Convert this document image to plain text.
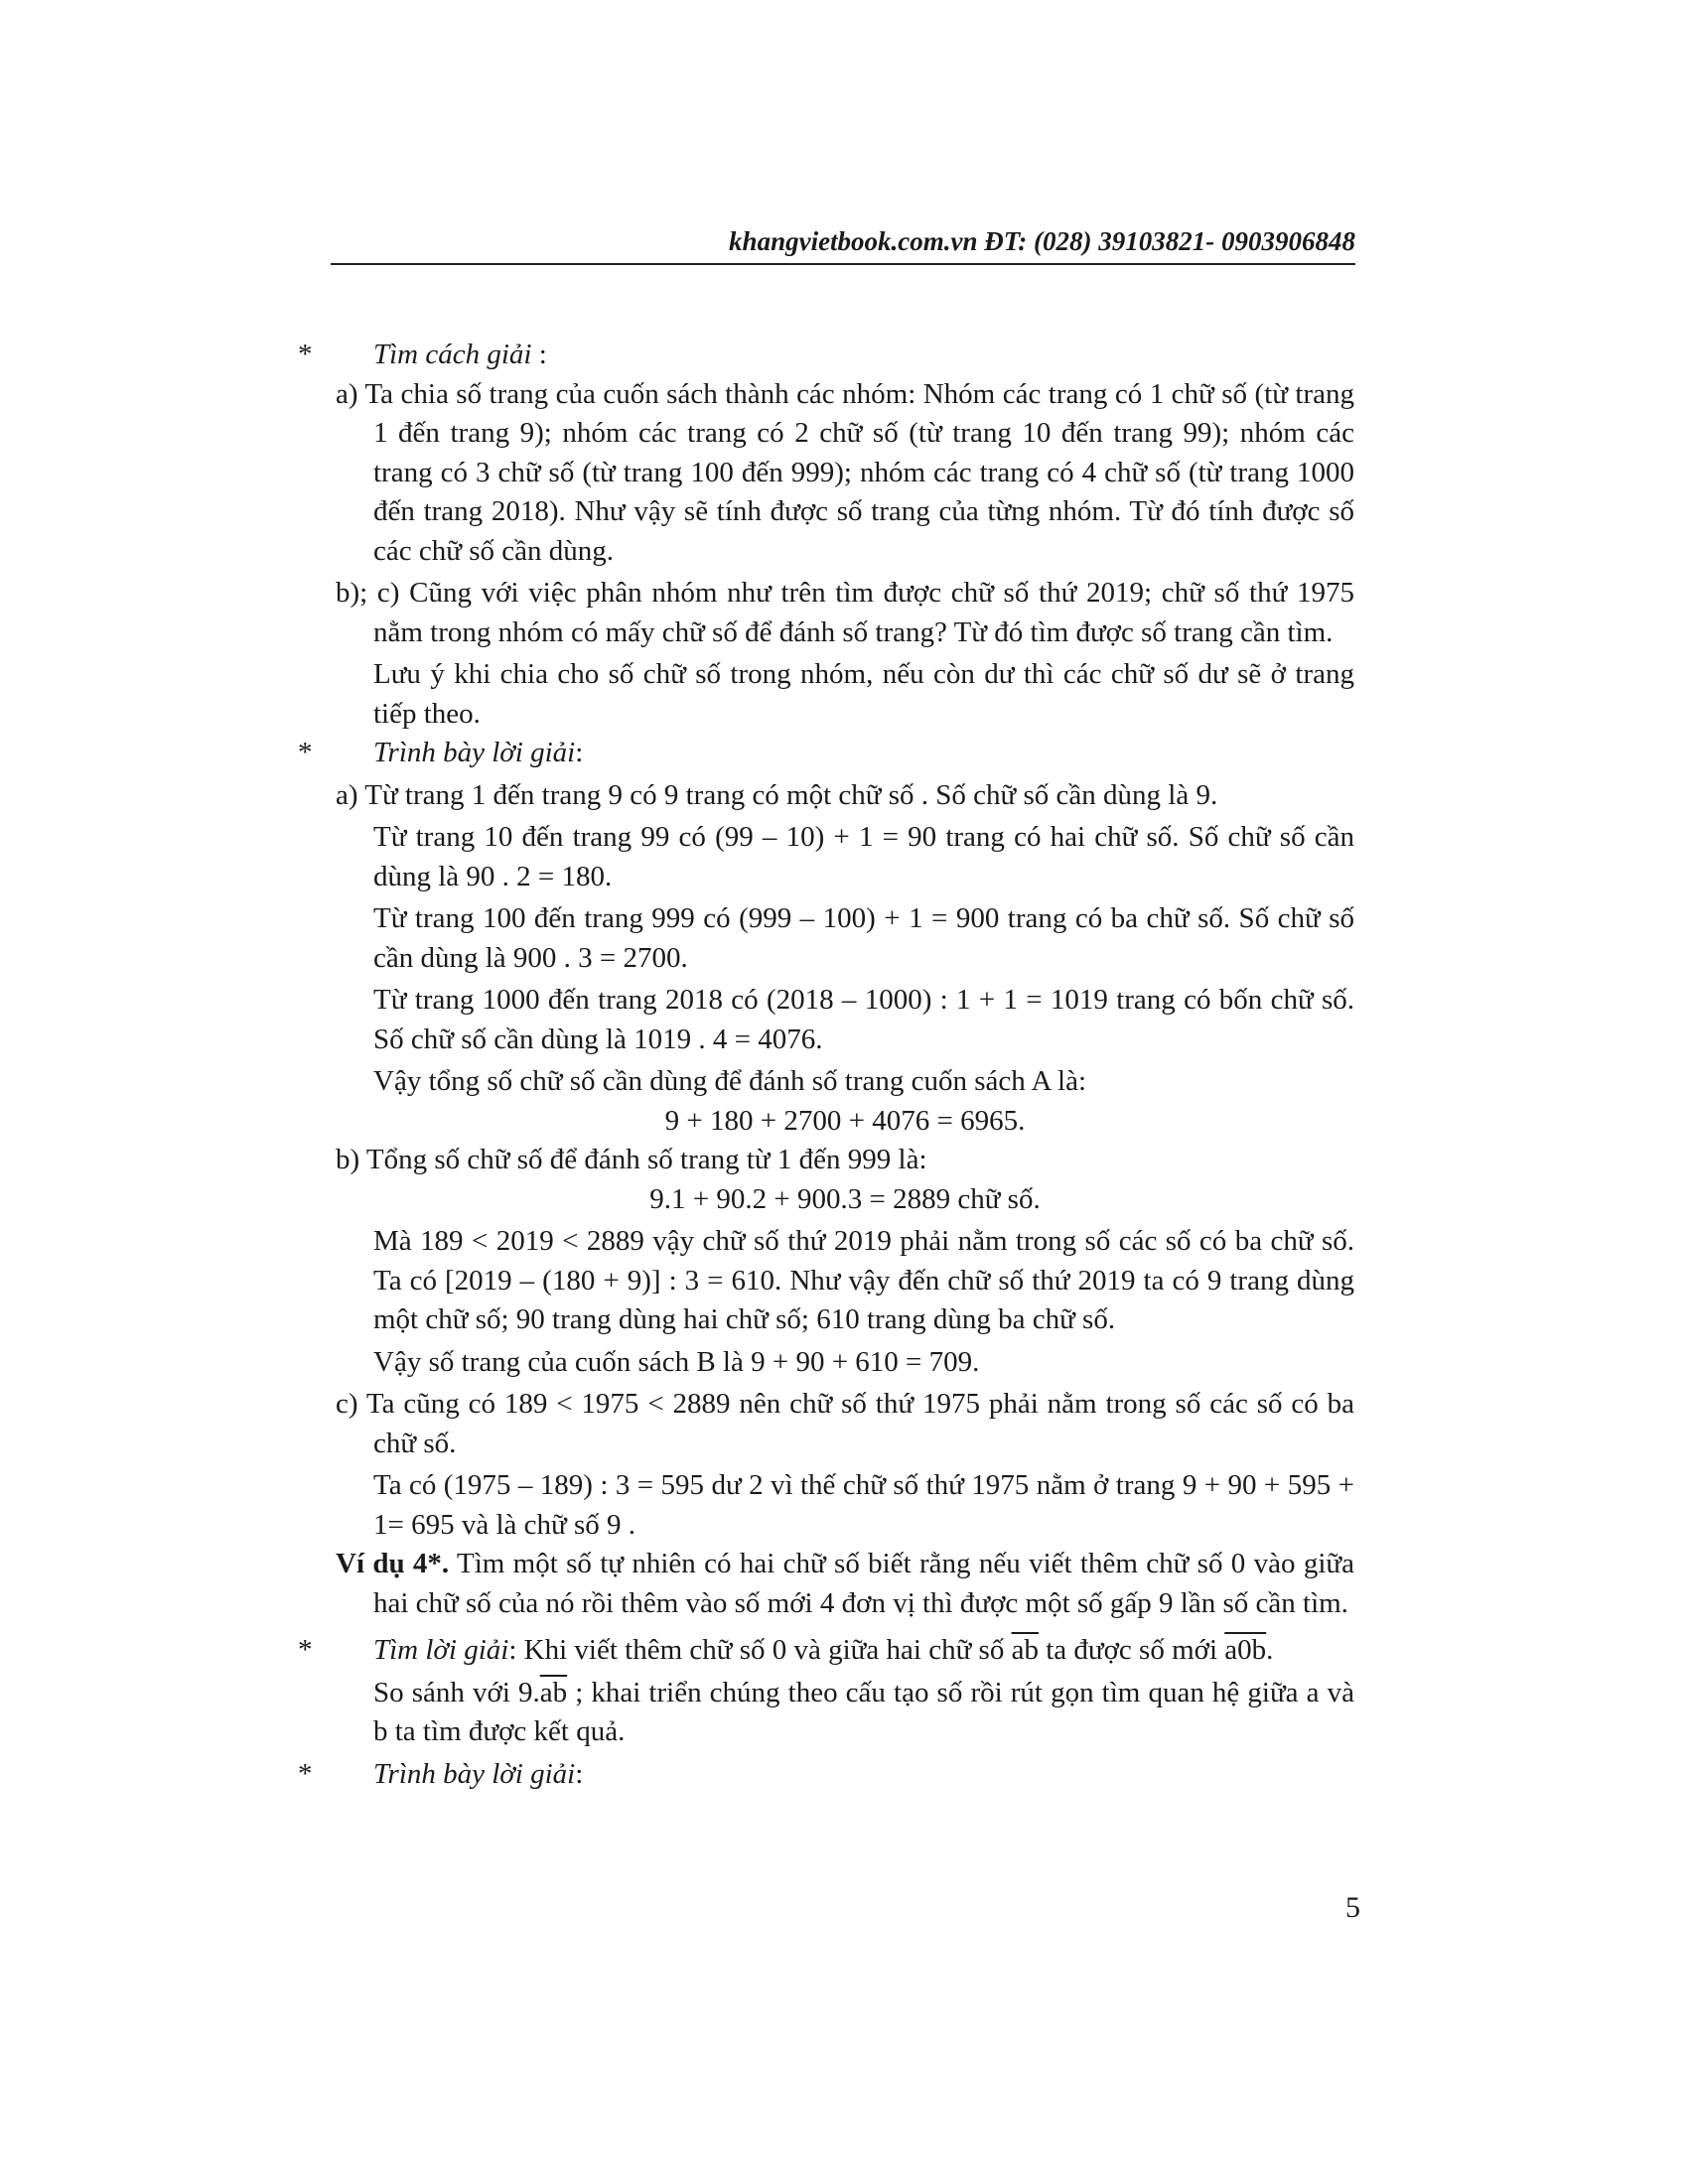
khangvietbook.com.vn ĐT: (028) 39103821- 0903906848

* Tìm cách giải :

a) Ta chia số trang của cuốn sách thành các nhóm: Nhóm các trang có 1 chữ số (từ trang 1 đến trang 9); nhóm các trang có 2 chữ số (từ trang 10 đến trang 99); nhóm các trang có 3 chữ số (từ trang 100 đến 999); nhóm các trang có 4 chữ số (từ trang 1000 đến trang 2018). Như vậy sẽ tính được số trang của từng nhóm. Từ đó tính được số các chữ số cần dùng.

b); c) Cũng với việc phân nhóm như trên tìm được chữ số thứ 2019; chữ số thứ 1975 nằm trong nhóm có mấy chữ số để đánh số trang? Từ đó tìm được số trang cần tìm.

Lưu ý khi chia cho số chữ số trong nhóm, nếu còn dư thì các chữ số dư sẽ ở trang tiếp theo.

* Trình bày lời giải:

a) Từ trang 1 đến trang 9 có 9 trang có một chữ số . Số chữ số cần dùng là 9.

Từ trang 10 đến trang 99 có (99 – 10) + 1 = 90 trang có hai chữ số. Số chữ số cần dùng là 90 . 2 = 180.

Từ trang 100 đến trang 999 có (999 – 100) + 1 = 900 trang có ba chữ số. Số chữ số cần dùng là 900 . 3 = 2700.

Từ trang 1000 đến trang 2018 có (2018 – 1000) : 1 + 1 = 1019 trang có bốn chữ số. Số chữ số cần dùng là 1019 . 4 = 4076.

Vậy tổng số chữ số cần dùng để đánh số trang cuốn sách A là:

9 + 180 + 2700 + 4076 = 6965.

b) Tổng số chữ số để đánh số trang từ 1 đến 999 là:

9.1 + 90.2 + 900.3 = 2889 chữ số.

Mà 189 < 2019 < 2889 vậy chữ số thứ 2019 phải nằm trong số các số có ba chữ số. Ta có [2019 – (180 + 9)] : 3 = 610. Như vậy đến chữ số thứ 2019 ta có 9 trang dùng một chữ số; 90 trang dùng hai chữ số; 610 trang dùng ba chữ số.

Vậy số trang của cuốn sách B là 9 + 90 + 610 = 709.

c) Ta cũng có 189 < 1975 < 2889 nên chữ số thứ 1975 phải nằm trong số các số có ba chữ số.

Ta có (1975 – 189) : 3 = 595 dư 2 vì thế chữ số thứ 1975 nằm ở trang 9 + 90 + 595 + 1= 695 và là chữ số 9 .

Ví dụ 4*. Tìm một số tự nhiên có hai chữ số biết rằng nếu viết thêm chữ số 0 vào giữa hai chữ số của nó rồi thêm vào số mới 4 đơn vị thì được một số gấp 9 lần số cần tìm.

* Tìm lời giải: Khi viết thêm chữ số 0 và giữa hai chữ số $\overline{ab}$ ta được số mới a0b.

So sánh với $9.\overline{ab}$ ; khai triển chúng theo cấu tạo số rồi rút gọn tìm quan hệ giữa a và b ta tìm được kết quả.

* Trình bày lời giải:

5
